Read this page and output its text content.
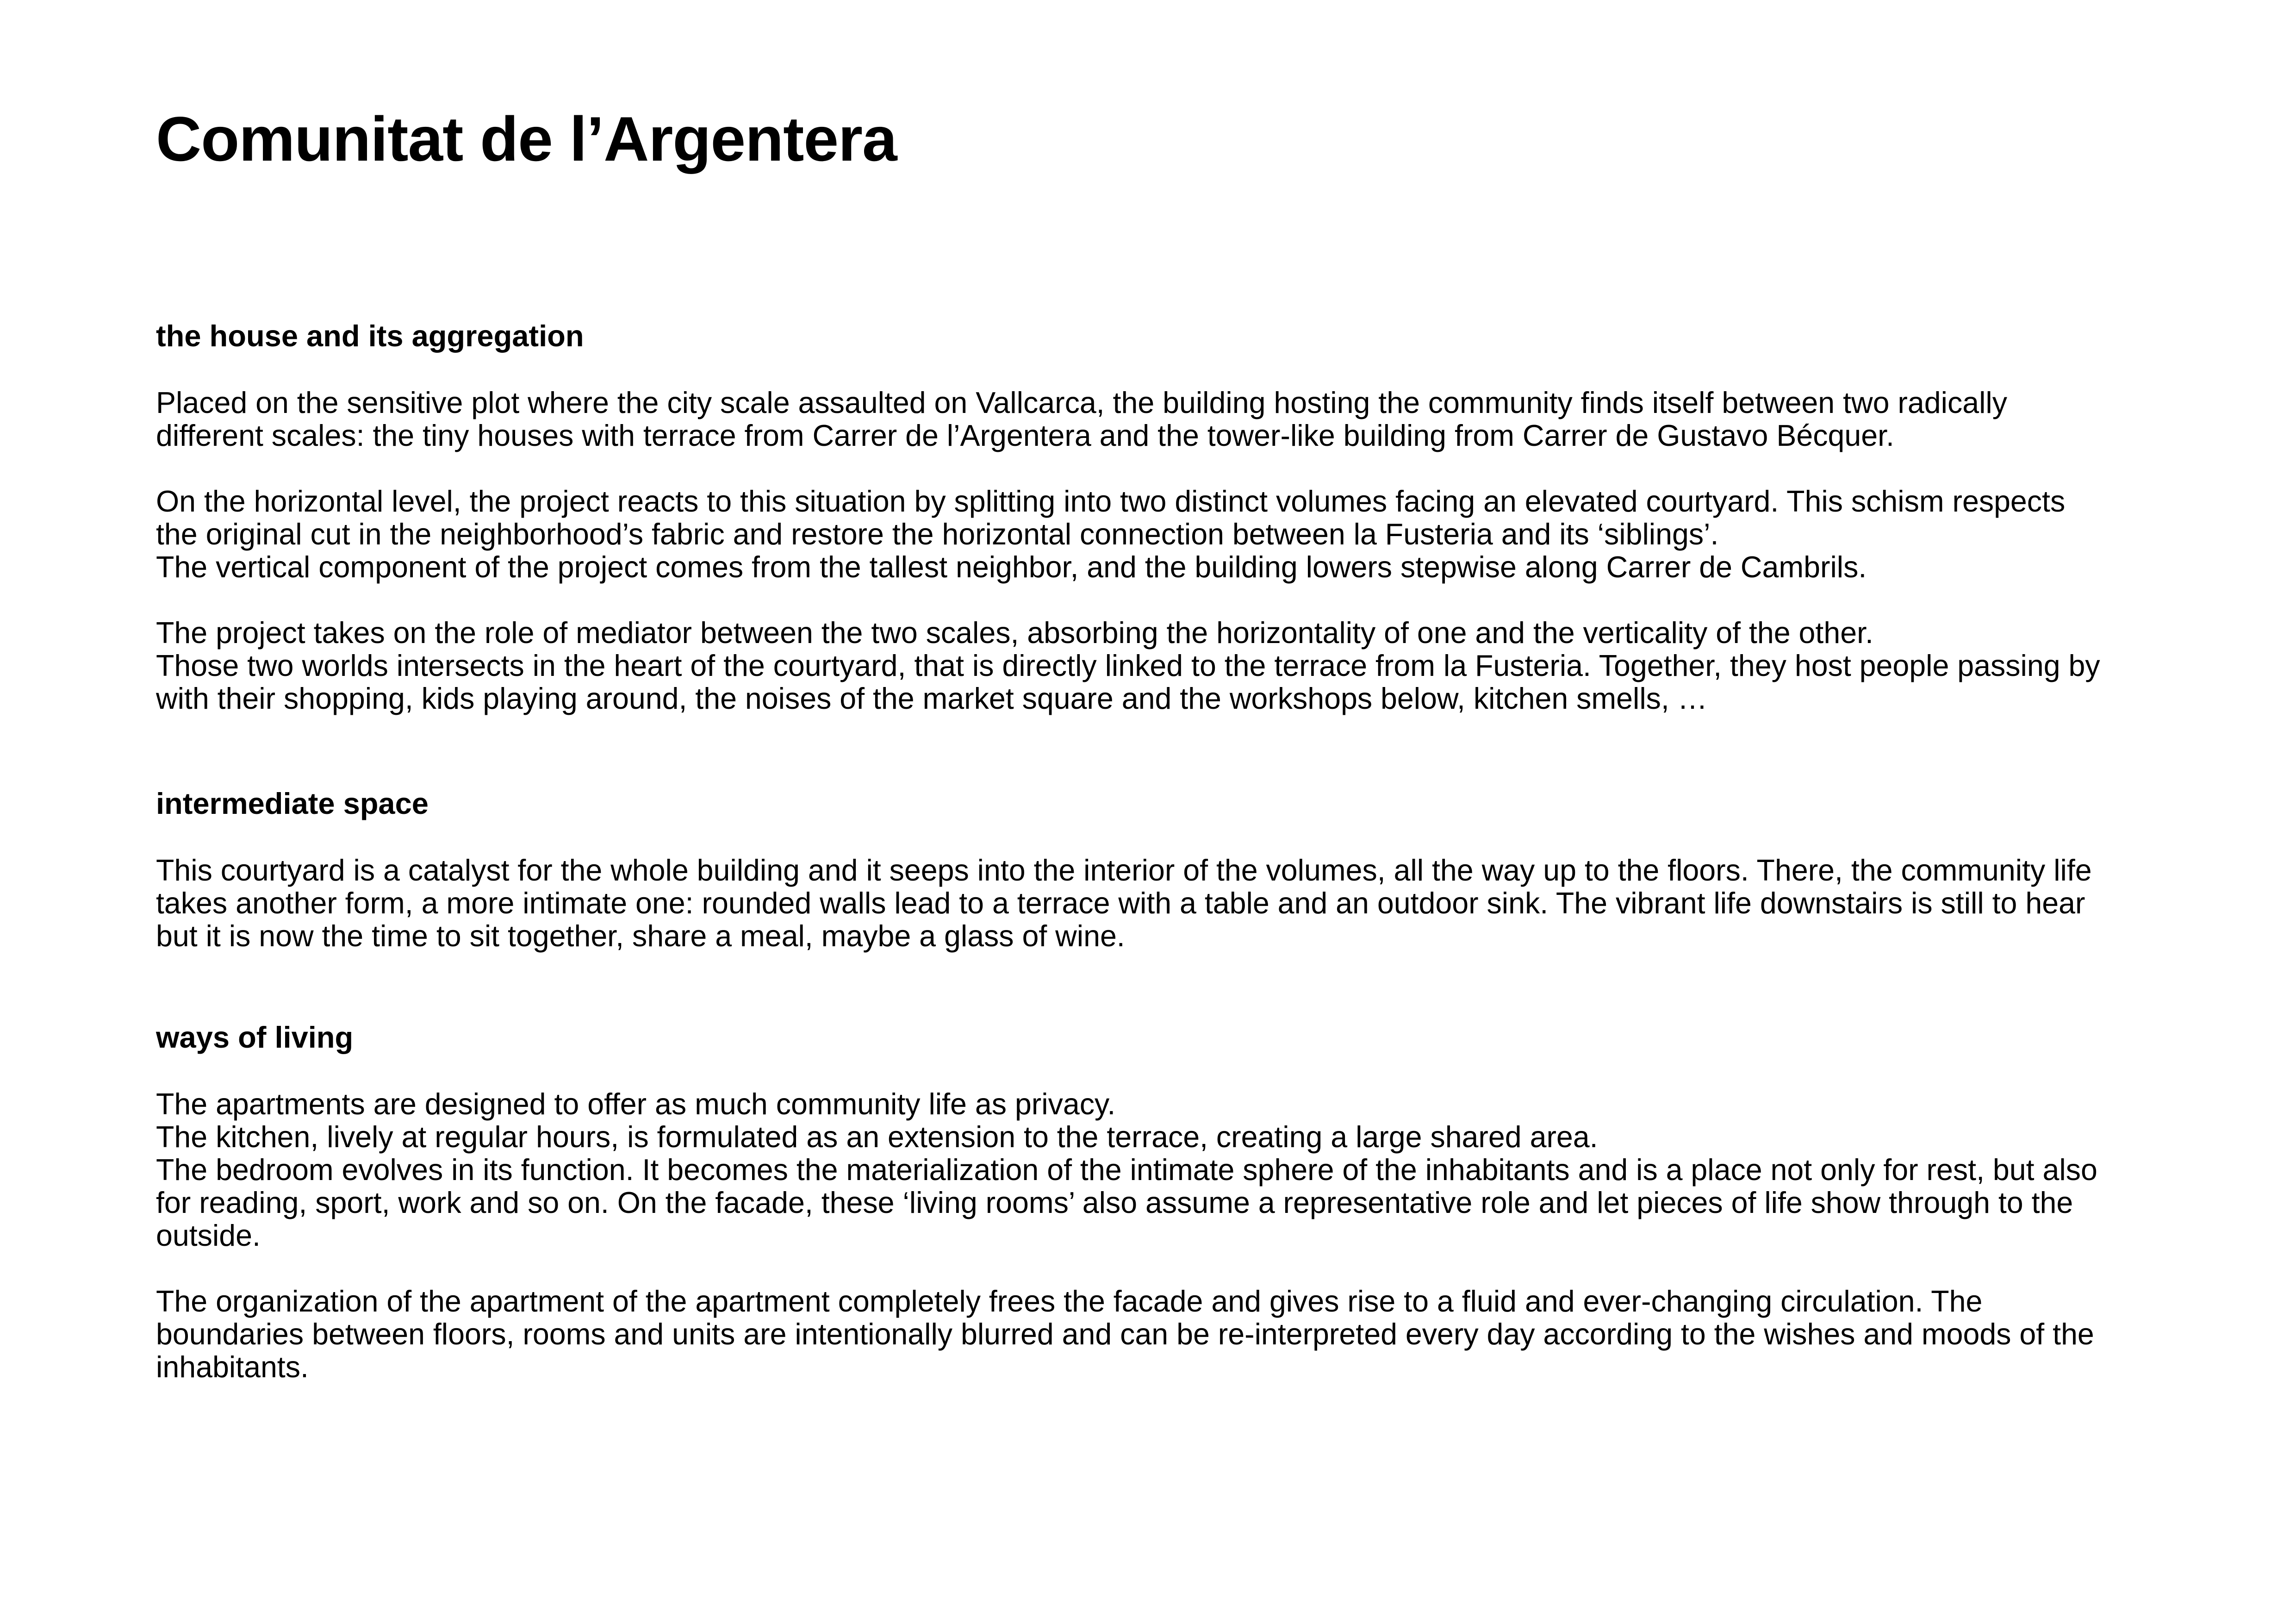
Comunitat de l’Argentera
the house and its aggregation

Placed on the sensitive plot where the city scale assaulted on Vallcarca, the building hosting the community finds itself between two radically
different scales: the tiny houses with terrace from Carrer de l’Argentera and the tower-like building from Carrer de Gustavo Bécquer.

On the horizontal level, the project reacts to this situation by splitting into two distinct volumes facing an elevated courtyard. This schism respects
the original cut in the neighborhood’s fabric and restore the horizontal connection between la Fusteria and its ‘siblings’.
The vertical component of the project comes from the tallest neighbor, and the building lowers stepwise along Carrer de Cambrils.

The project takes on the role of mediator between the two scales, absorbing the horizontality of one and the verticality of the other.
Those two worlds intersects in the heart of the courtyard, that is directly linked to the terrace from la Fusteria. Together, they host people passing by
with their shopping, kids playing around, the noises of the market square and the workshops below, kitchen smells, …

intermediate space

This courtyard is a catalyst for the whole building and it seeps into the interior of the volumes, all the way up to the floors. There, the community life
takes another form, a more intimate one: rounded walls lead to a terrace with a table and an outdoor sink. The vibrant life downstairs is still to hear
but it is now the time to sit together, share a meal, maybe a glass of wine.

ways of living

The apartments are designed to offer as much community life as privacy.
The kitchen, lively at regular hours, is formulated as an extension to the terrace, creating a large shared area.
The bedroom evolves in its function. It becomes the materialization of the intimate sphere of the inhabitants and is a place not only for rest, but also
for reading, sport, work and so on. On the facade, these ‘living rooms’ also assume a representative role and let pieces of life show through to the
outside.

The organization of the apartment of the apartment completely frees the facade and gives rise to a fluid and ever-changing circulation. The
boundaries between floors, rooms and units are intentionally blurred and can be re-interpreted every day according to the wishes and moods of the
inhabitants.
